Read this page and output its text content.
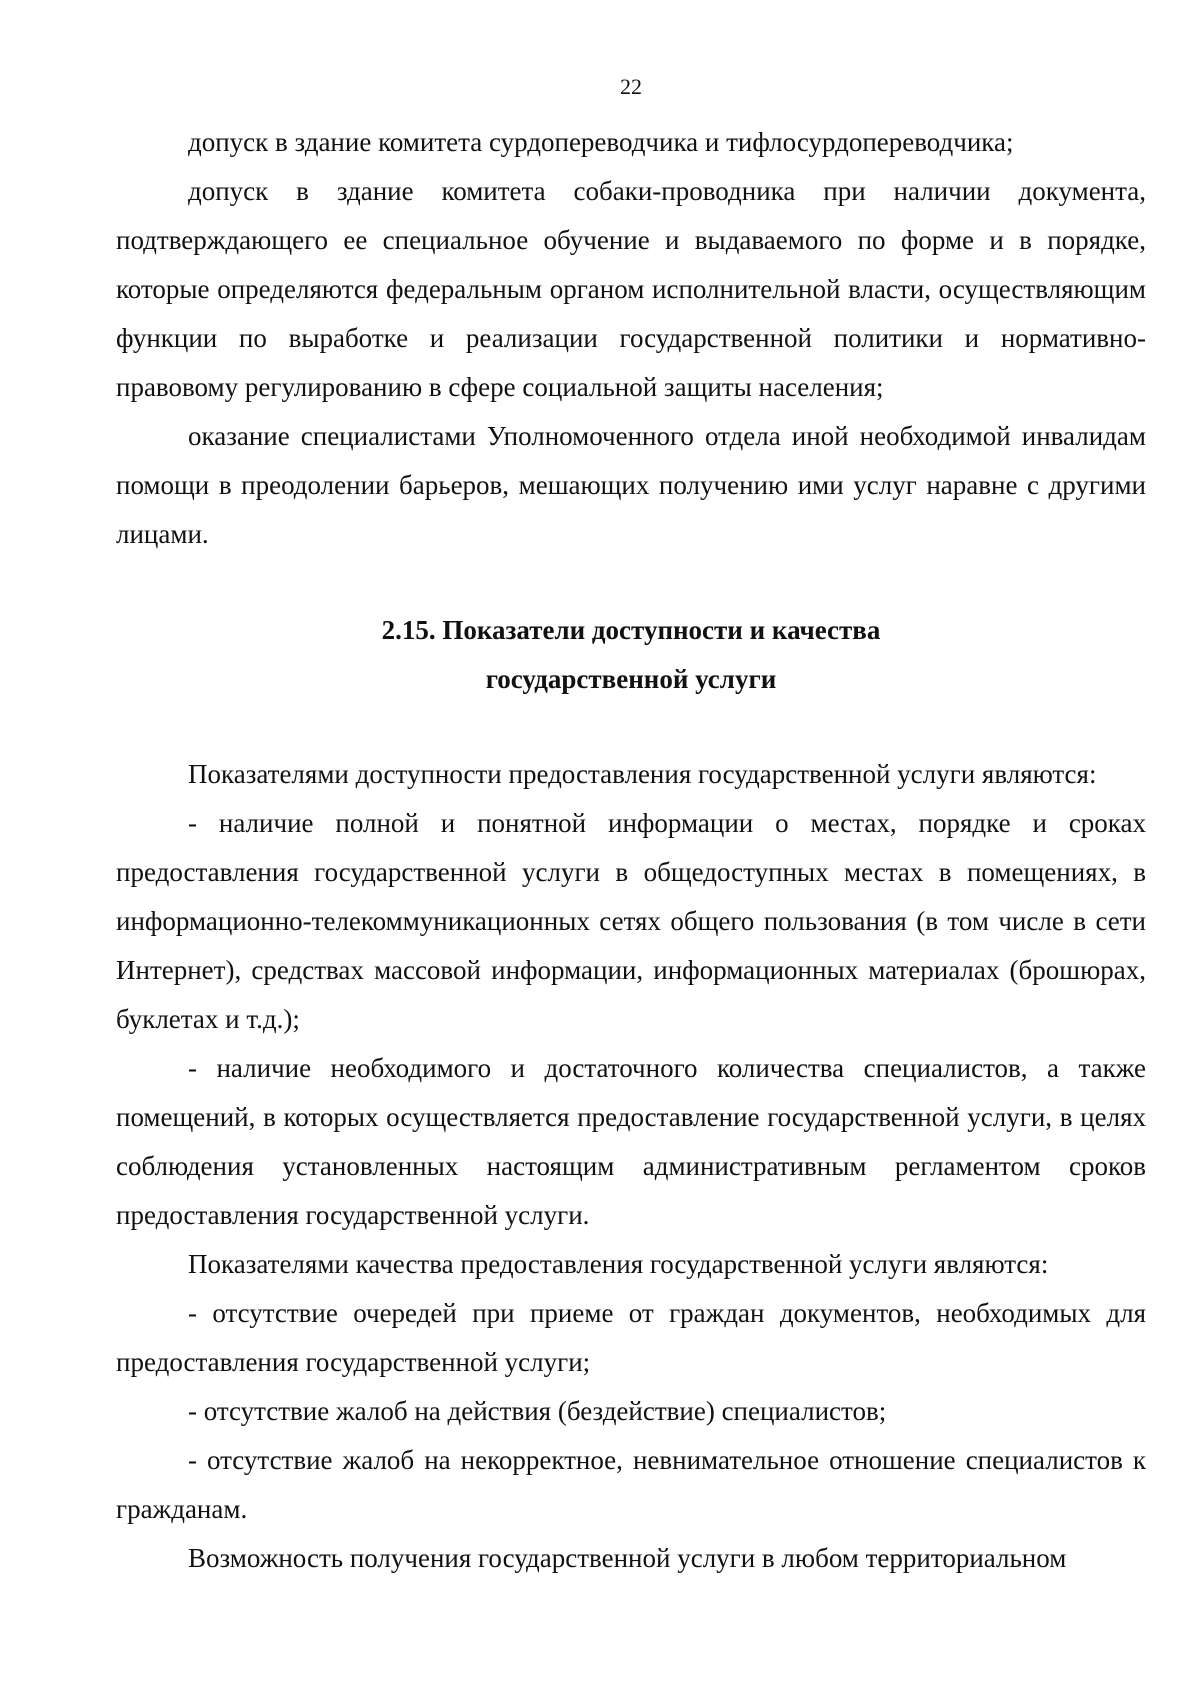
22

допуск в здание комитета сурдопереводчика и тифлосурдопереводчика;

допуск в здание комитета собаки-проводника при наличии документа, подтверждающего ее специальное обучение и выдаваемого по форме и в порядке, которые определяются федеральным органом исполнительной власти, осуществляющим функции по выработке и реализации государственной политики и нормативно-правовому регулированию в сфере социальной защиты населения;

оказание специалистами Уполномоченного отдела иной необходимой инвалидам помощи в преодолении барьеров, мешающих получению ими услуг наравне с другими лицами.

2.15. Показатели доступности и качества
государственной услуги

Показателями доступности предоставления государственной услуги являются:

- наличие полной и понятной информации о местах, порядке и сроках предоставления государственной услуги в общедоступных местах в помещениях, в информационно-телекоммуникационных сетях общего пользования (в том числе в сети Интернет), средствах массовой информации, информационных материалах (брошюрах, буклетах и т.д.);

- наличие необходимого и достаточного количества специалистов, а также помещений, в которых осуществляется предоставление государственной услуги, в целях соблюдения установленных настоящим административным регламентом сроков предоставления государственной услуги.

Показателями качества предоставления государственной услуги являются:

- отсутствие очередей при приеме от граждан документов, необходимых для предоставления государственной услуги;

- отсутствие жалоб на действия (бездействие) специалистов;

- отсутствие жалоб на некорректное, невнимательное отношение специалистов к гражданам.

Возможность получения государственной услуги в любом территориальном
